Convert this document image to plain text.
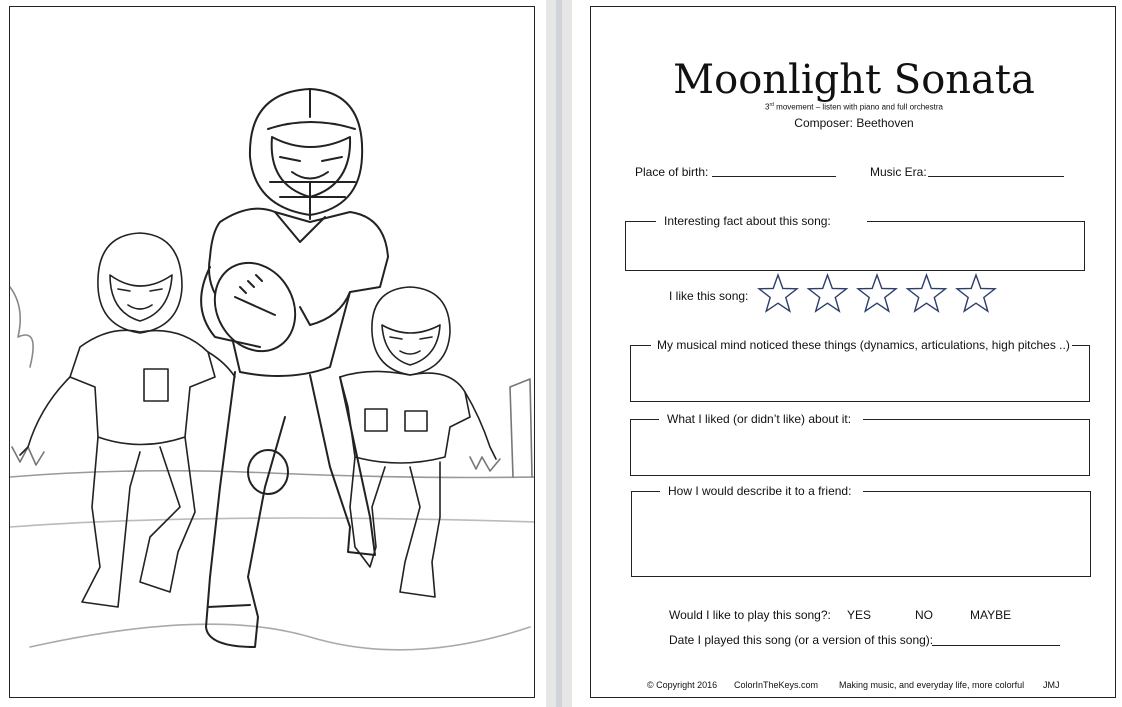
Moonlight Sonata
3rd movement – listen with piano and full orchestra
Composer: Beethoven
Place of birth:	Music Era:
Interesting fact about this song:
I like this song:
My musical mind noticed these things (dynamics, articulations, high pitches ..)
What I liked (or didn’t like) about it:
How I would describe it to a friend:
Would I like to play this song?: YES	NO	MAYBE
Date I played this song (or a version of this song):
© Copyright 2016 ColorInTheKeys.com Making music, and everyday life, more colorful JMJ
